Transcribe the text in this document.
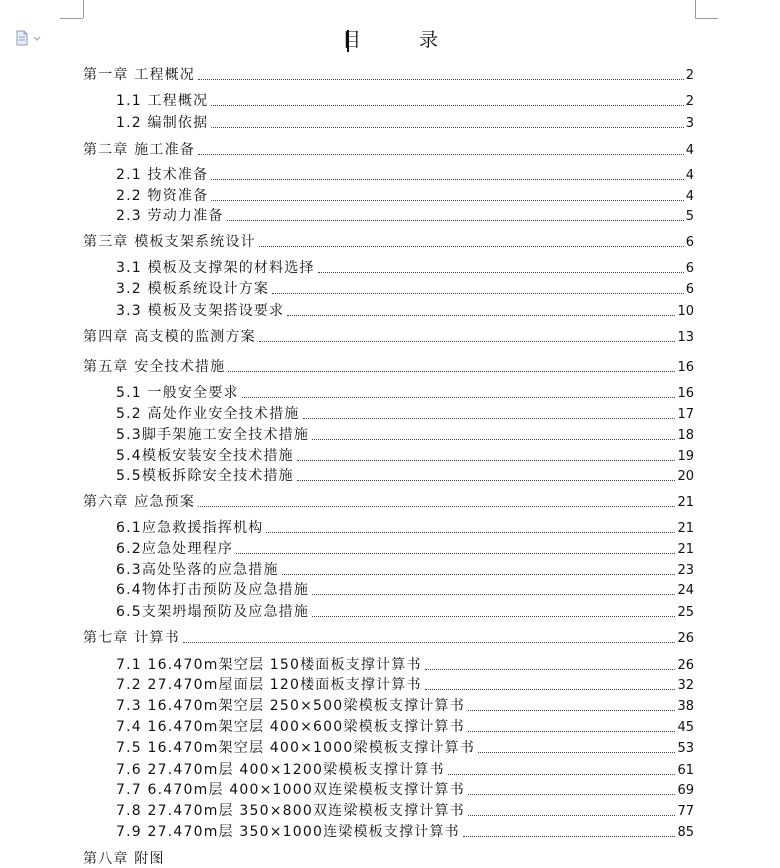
目 录
第一章 工程概况	2
1.1 工程概况	2
1.2 编制依据	3
第二章 施工准备	4
2.1 技术准备	4
2.2 物资准备	4
2.3 劳动力准备	5
第三章 模板支架系统设计	6
3.1 模板及支撑架的材料选择	6
3.2 模板系统设计方案	6
3.3 模板及支架搭设要求	10
第四章 高支模的监测方案	13
第五章 安全技术措施	16
5.1 一般安全要求	16
5.2 高处作业安全技术措施	17
5.3脚手架施工安全技术措施	18
5.4模板安装安全技术措施	19
5.5模板拆除安全技术措施	20
第六章 应急预案	21
6.1应急救援指挥机构	21
6.2应急处理程序	21
6.3高处坠落的应急措施	23
6.4物体打击预防及应急措施	24
6.5支架坍塌预防及应急措施	25
第七章 计算书	26
7.1 16.470m架空层 150楼面板支撑计算书	26
7.2 27.470m屋面层 120楼面板支撑计算书	32
7.3 16.470m架空层 250×500梁模板支撑计算书	38
7.4 16.470m架空层 400×600梁模板支撑计算书	45
7.5 16.470m架空层 400×1000梁模板支撑计算书	53
7.6 27.470m层 400×1200梁模板支撑计算书	61
7.7 6.470m层 400×1000双连梁模板支撑计算书	69
7.8 27.470m层 350×800双连梁模板支撑计算书	77
7.9 27.470m层 350×1000连梁模板支撑计算书	85
第八章 附图
